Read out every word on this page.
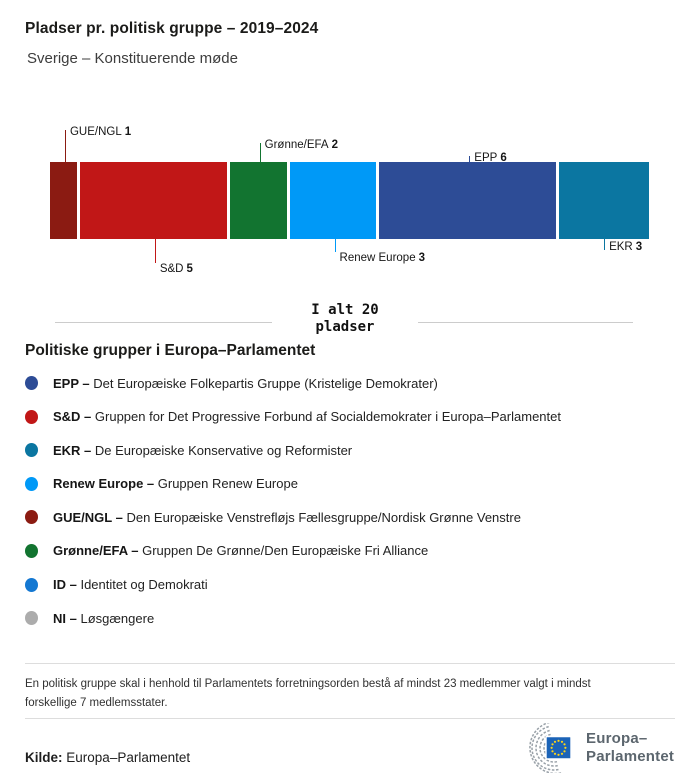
Pladser pr. politisk gruppe – 2019–2024
Sverige – Konstituerende møde
GUE/NGL 1
S&D 5
Grønne/EFA 2
Renew Europe 3
EPP 6
EKR 3
I alt 20
pladser
Politiske grupper i Europa–Parlamentet
EPP – Det Europæiske Folkepartis Gruppe (Kristelige Demokrater)
S&D – Gruppen for Det Progressive Forbund af Socialdemokrater i Europa–Parlamentet
EKR – De Europæiske Konservative og Reformister
Renew Europe – Gruppen Renew Europe
GUE/NGL – Den Europæiske Venstrefløjs Fællesgruppe/Nordisk Grønne Venstre
Grønne/EFA – Gruppen De Grønne/Den Europæiske Fri Alliance
ID – Identitet og Demokrati
NI – Løsgængere
En politisk gruppe skal i henhold til Parlamentets forretningsorden bestå af mindst 23 medlemmer valgt i mindst forskellige 7 medlemsstater.
Kilde: Europa–Parlamentet
Europa–
Parlamentet
